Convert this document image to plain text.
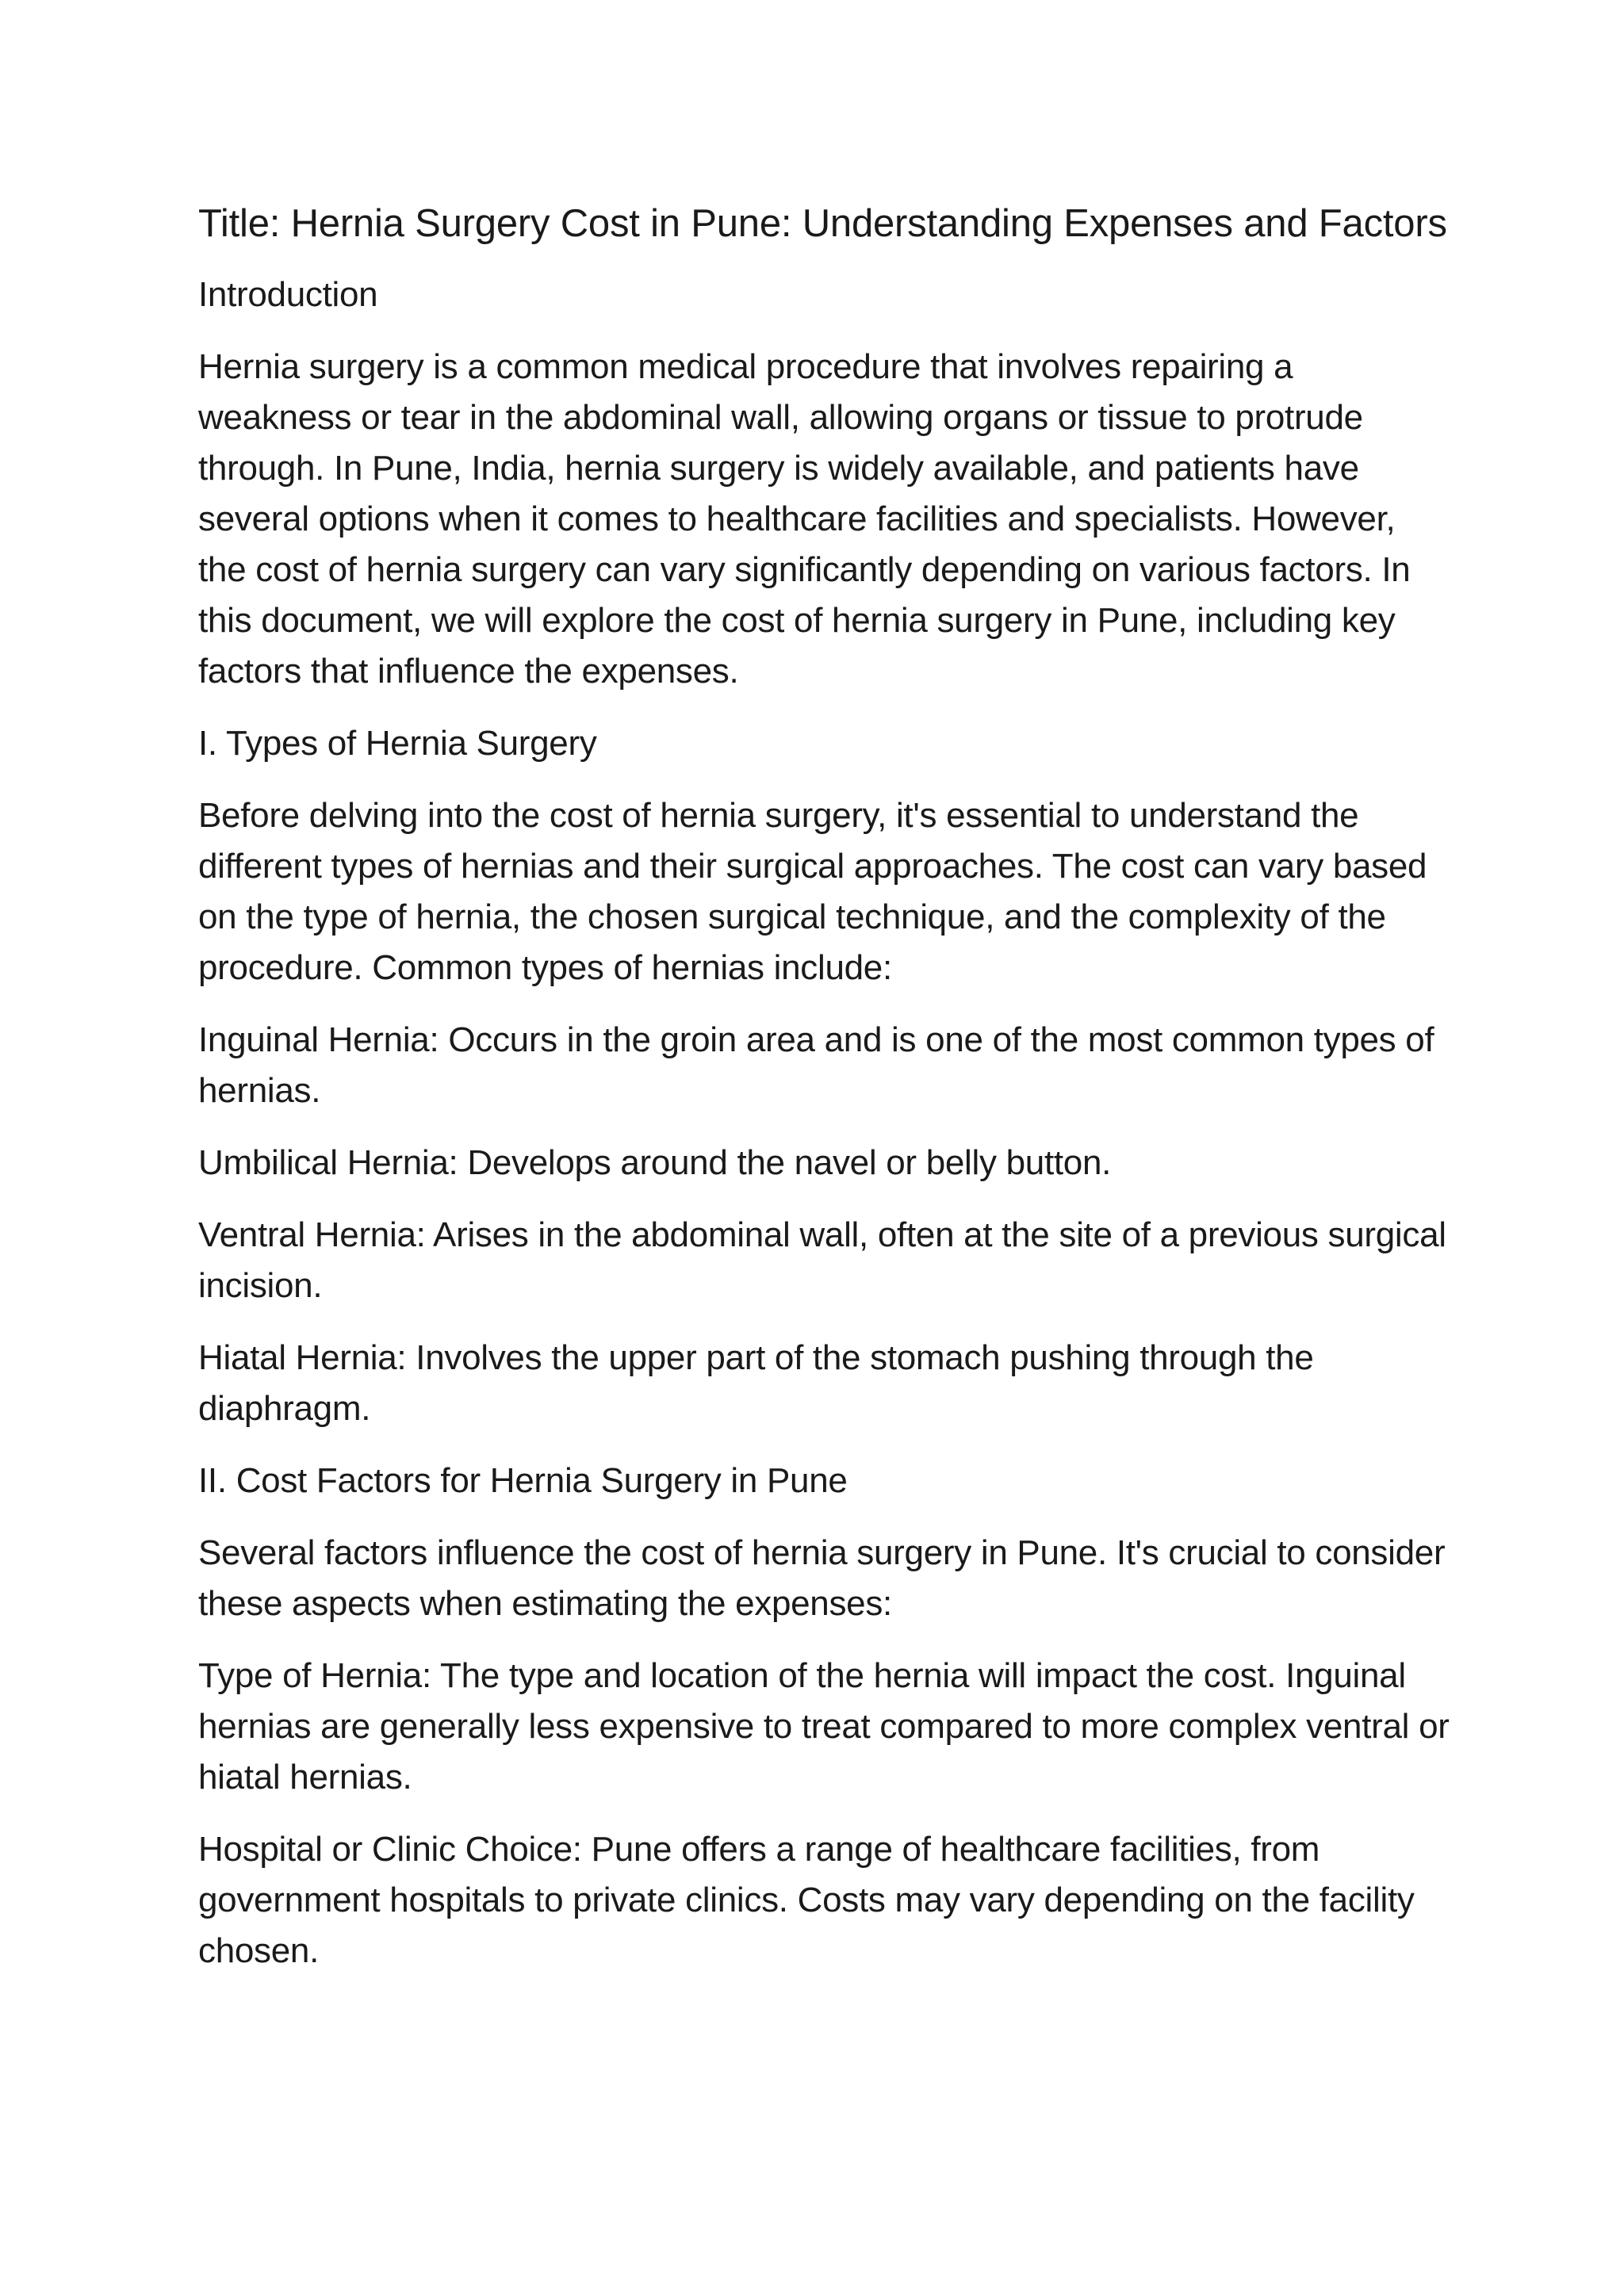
Title: Hernia Surgery Cost in Pune: Understanding Expenses and Factors

Introduction

Hernia surgery is a common medical procedure that involves repairing a weakness or tear in the abdominal wall, allowing organs or tissue to protrude through. In Pune, India, hernia surgery is widely available, and patients have several options when it comes to healthcare facilities and specialists. However, the cost of hernia surgery can vary significantly depending on various factors. In this document, we will explore the cost of hernia surgery in Pune, including key factors that influence the expenses.

I. Types of Hernia Surgery

Before delving into the cost of hernia surgery, it's essential to understand the different types of hernias and their surgical approaches. The cost can vary based on the type of hernia, the chosen surgical technique, and the complexity of the procedure. Common types of hernias include:

Inguinal Hernia: Occurs in the groin area and is one of the most common types of hernias.

Umbilical Hernia: Develops around the navel or belly button.

Ventral Hernia: Arises in the abdominal wall, often at the site of a previous surgical incision.

Hiatal Hernia: Involves the upper part of the stomach pushing through the diaphragm.

II. Cost Factors for Hernia Surgery in Pune

Several factors influence the cost of hernia surgery in Pune. It's crucial to consider these aspects when estimating the expenses:

Type of Hernia: The type and location of the hernia will impact the cost. Inguinal hernias are generally less expensive to treat compared to more complex ventral or hiatal hernias.

Hospital or Clinic Choice: Pune offers a range of healthcare facilities, from government hospitals to private clinics. Costs may vary depending on the facility chosen.
